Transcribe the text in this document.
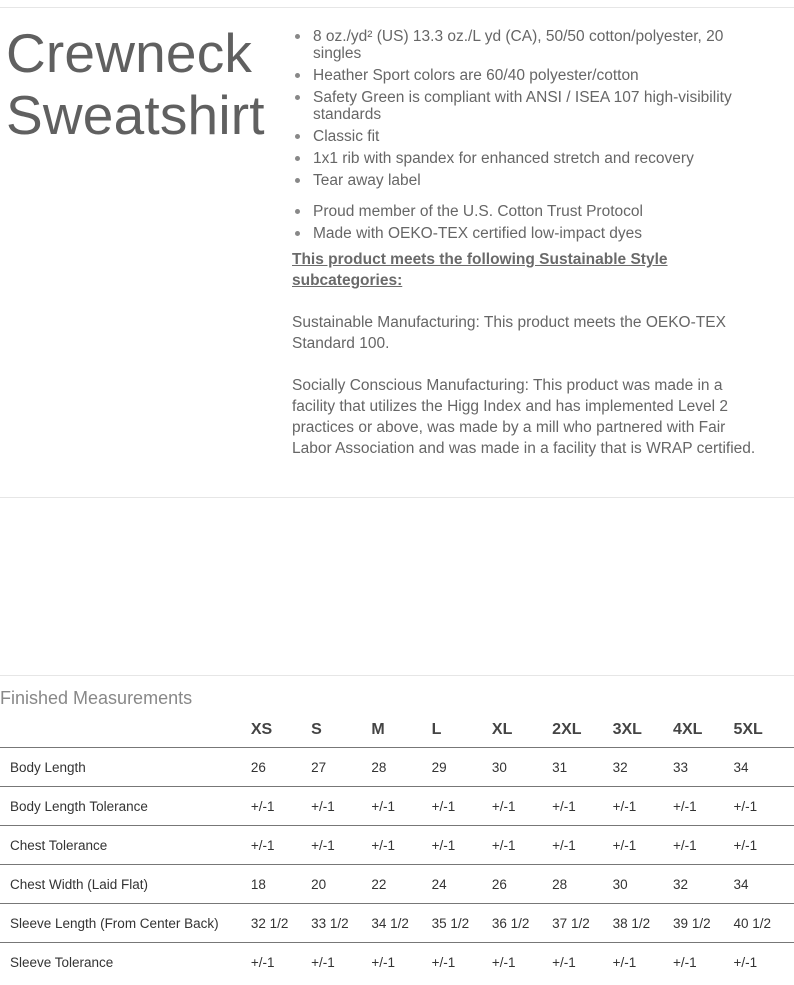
Crewneck
Sweatshirt
8 oz./yd² (US) 13.3 oz./L yd (CA), 50/50 cotton/polyester, 20 singles
Heather Sport colors are 60/40 polyester/cotton
Safety Green is compliant with ANSI / ISEA 107 high-visibility standards
Classic fit
1x1 rib with spandex for enhanced stretch and recovery
Tear away label
Proud member of the U.S. Cotton Trust Protocol
Made with OEKO-TEX certified low-impact dyes
This product meets the following Sustainable Style subcategories:
Sustainable Manufacturing: This product meets the OEKO-TEX Standard 100.
Socially Conscious Manufacturing: This product was made in a facility that utilizes the Higg Index and has implemented Level 2 practices or above, was made by a mill who partnered with Fair Labor Association and was made in a facility that is WRAP certified.
Finished Measurements
	XS	S	M	L	XL	2XL	3XL	4XL	5XL
Body Length	26	27	28	29	30	31	32	33	34
Body Length Tolerance	+/-1	+/-1	+/-1	+/-1	+/-1	+/-1	+/-1	+/-1	+/-1
Chest Tolerance	+/-1	+/-1	+/-1	+/-1	+/-1	+/-1	+/-1	+/-1	+/-1
Chest Width (Laid Flat)	18	20	22	24	26	28	30	32	34
Sleeve Length (From Center Back)	32 1/2	33 1/2	34 1/2	35 1/2	36 1/2	37 1/2	38 1/2	39 1/2	40 1/2
Sleeve Tolerance	+/-1	+/-1	+/-1	+/-1	+/-1	+/-1	+/-1	+/-1	+/-1
